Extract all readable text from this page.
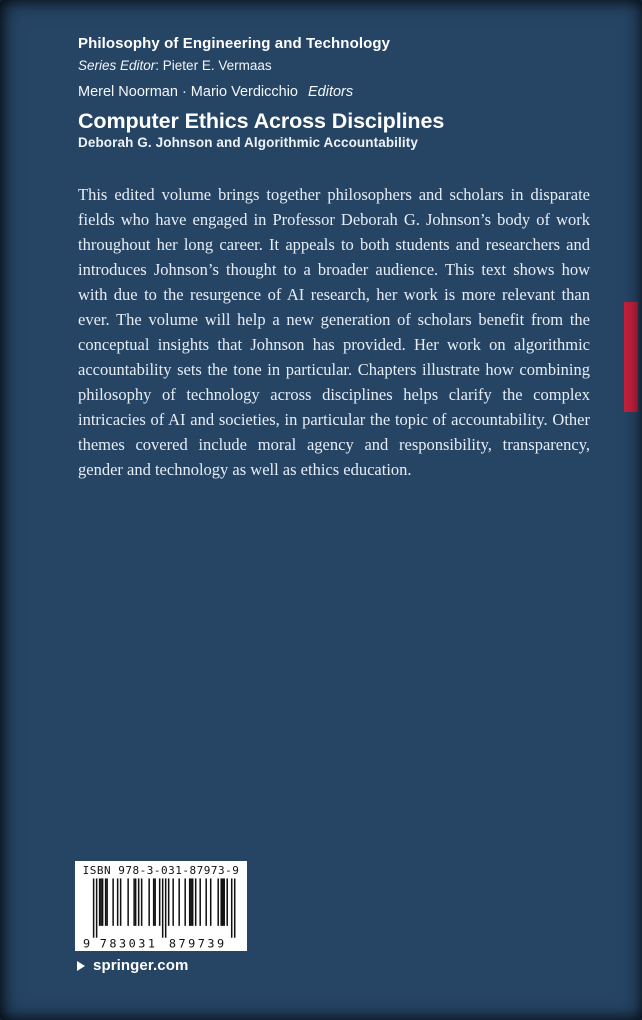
Philosophy of Engineering and Technology
Series Editor: Pieter E. Vermaas
Merel Noorman · Mario Verdicchio Editors
Computer Ethics Across Disciplines
Deborah G. Johnson and Algorithmic Accountability
This edited volume brings together philosophers and scholars in disparate fields who have engaged in Professor Deborah G. Johnson’s body of work throughout her long career. It appeals to both students and researchers and introduces Johnson’s thought to a broader audience. This text shows how with due to the resurgence of AI research, her work is more relevant than ever. The volume will help a new generation of scholars benefit from the conceptual insights that Johnson has provided. Her work on algorithmic accountability sets the tone in particular. Chapters illustrate how combining philosophy of technology across disciplines helps clarify the complex intricacies of AI and societies, in particular the topic of accountability. Other themes covered include moral agency and responsibility, transparency, gender and technology as well as ethics education.
ISBN 978-3-031-87973-9
9 783031 879739
springer.com
